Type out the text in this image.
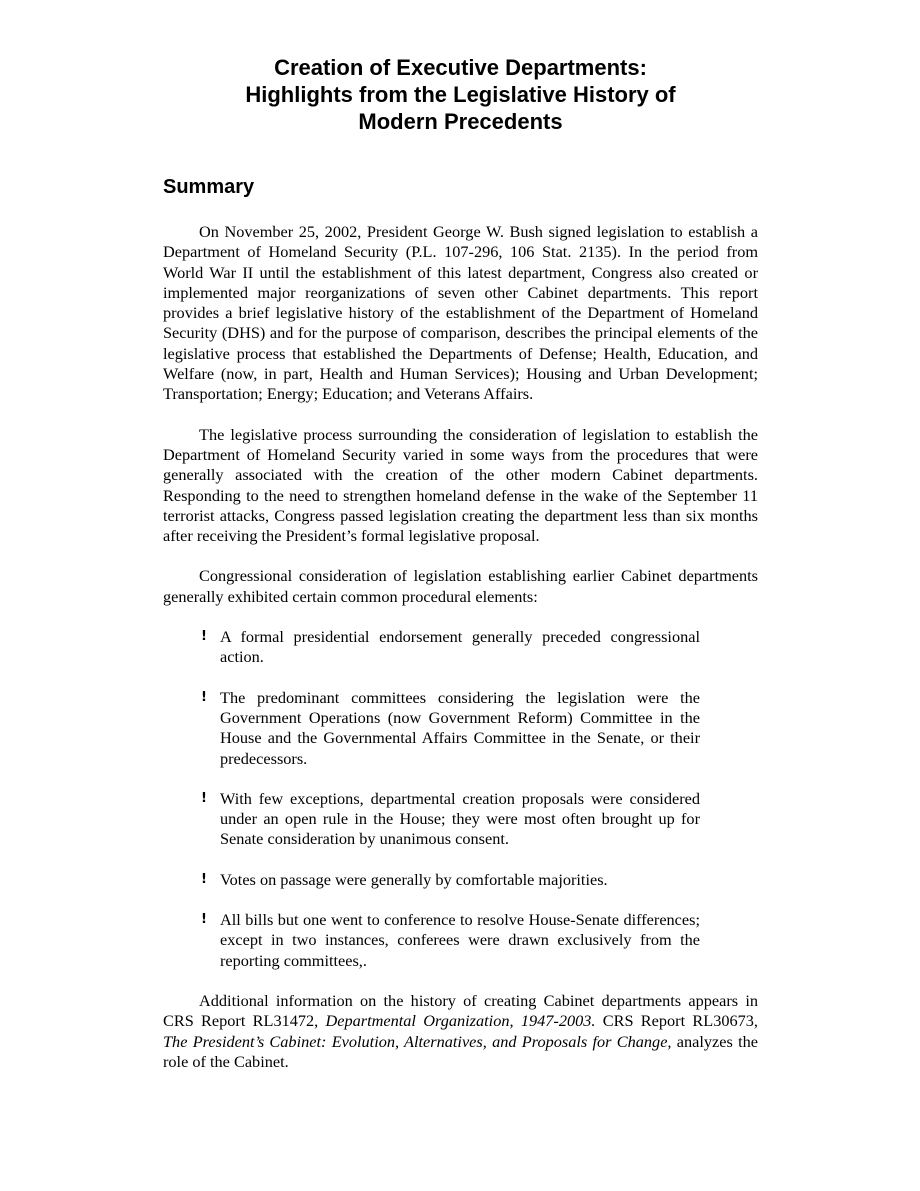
Creation of Executive Departments:
Highlights from the Legislative History of
Modern Precedents
Summary

On November 25, 2002, President George W. Bush signed legislation to establish a Department of Homeland Security (P.L. 107-296, 106 Stat. 2135). In the period from World War II until the establishment of this latest department, Congress also created or implemented major reorganizations of seven other Cabinet departments. This report provides a brief legislative history of the establishment of the Department of Homeland Security (DHS) and for the purpose of comparison, describes the principal elements of the legislative process that established the Departments of Defense; Health, Education, and Welfare (now, in part, Health and Human Services); Housing and Urban Development; Transportation; Energy; Education; and Veterans Affairs.

The legislative process surrounding the consideration of legislation to establish the Department of Homeland Security varied in some ways from the procedures that were generally associated with the creation of the other modern Cabinet departments. Responding to the need to strengthen homeland defense in the wake of the September 11 terrorist attacks, Congress passed legislation creating the department less than six months after receiving the President’s formal legislative proposal.

Congressional consideration of legislation establishing earlier Cabinet departments generally exhibited certain common procedural elements:

! A formal presidential endorsement generally preceded congressional action.
! The predominant committees considering the legislation were the Government Operations (now Government Reform) Committee in the House and the Governmental Affairs Committee in the Senate, or their predecessors.
! With few exceptions, departmental creation proposals were considered under an open rule in the House; they were most often brought up for Senate consideration by unanimous consent.
! Votes on passage were generally by comfortable majorities.
! All bills but one went to conference to resolve House-Senate differences; except in two instances, conferees were drawn exclusively from the reporting committees,.

Additional information on the history of creating Cabinet departments appears in CRS Report RL31472, Departmental Organization, 1947-2003. CRS Report RL30673, The President’s Cabinet: Evolution, Alternatives, and Proposals for Change, analyzes the role of the Cabinet.
